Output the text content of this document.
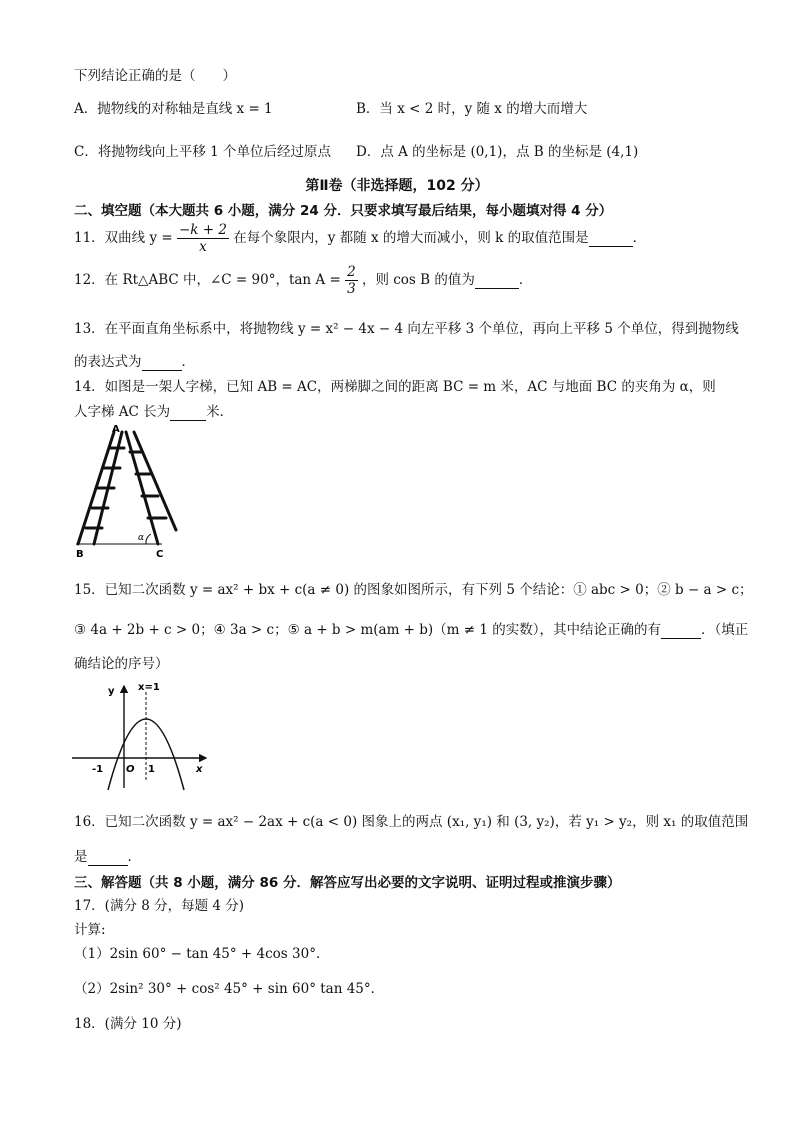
下列结论正确的是（　　）
A．抛物线的对称轴是直线 x = 1	B．当 x < 2 时，y 随 x 的增大而增大
C．将抛物线向上平移 1 个单位后经过原点 D．点 A 的坐标是 (0,1)，点 B 的坐标是 (4,1)
第Ⅱ卷（非选择题，102 分）
二、填空题（本大题共 6 小题，满分 24 分．只要求填写最后结果，每小题填对得 4 分）
11．双曲线 $y = \frac{-k + 2}{x}$ 在每个象限内，y 都随 x 的增大而减小，则 k 的取值范围是	．
12．在 Rt△ABC 中，∠C = 90°，$\tan A = \frac{2}{3}$ ，则 cos B 的值为	．
13．在平面直角坐标系中，将抛物线 y = x² − 4x − 4 向左平移 3 个单位，再向上平移 5 个单位，得到抛物线
的表达式为	．
14．如图是一架人字梯，已知 AB = AC，两梯脚之间的距离 BC = m 米，AC 与地面 BC 的夹角为 α，则
人字梯 AC 长为	米．
A
B	C
α
15．已知二次函数 y = ax² + bx + c(a ≠ 0) 的图象如图所示，有下列 5 个结论：① abc > 0；② b − a > c；
③ 4a + 2b + c > 0；④ 3a > c；⑤ a + b > m(am + b)（m ≠ 1 的实数），其中结论正确的有	．（填正
确结论的序号）
y x=1
x
-1 O 1
16．已知二次函数 y = ax² − 2ax + c(a < 0) 图象上的两点 (x₁, y₁) 和 (3, y₂)，若 y₁ > y₂，则 x₁ 的取值范围
是	．
三、解答题（共 8 小题，满分 86 分．解答应写出必要的文字说明、证明过程或推演步骤）
17．(满分 8 分，每题 4 分)
计算:
（1）2sin 60° − tan 45° + 4cos 30°．
（2）2sin² 30° + cos² 45° + sin 60° tan 45°．
18．(满分 10 分)
